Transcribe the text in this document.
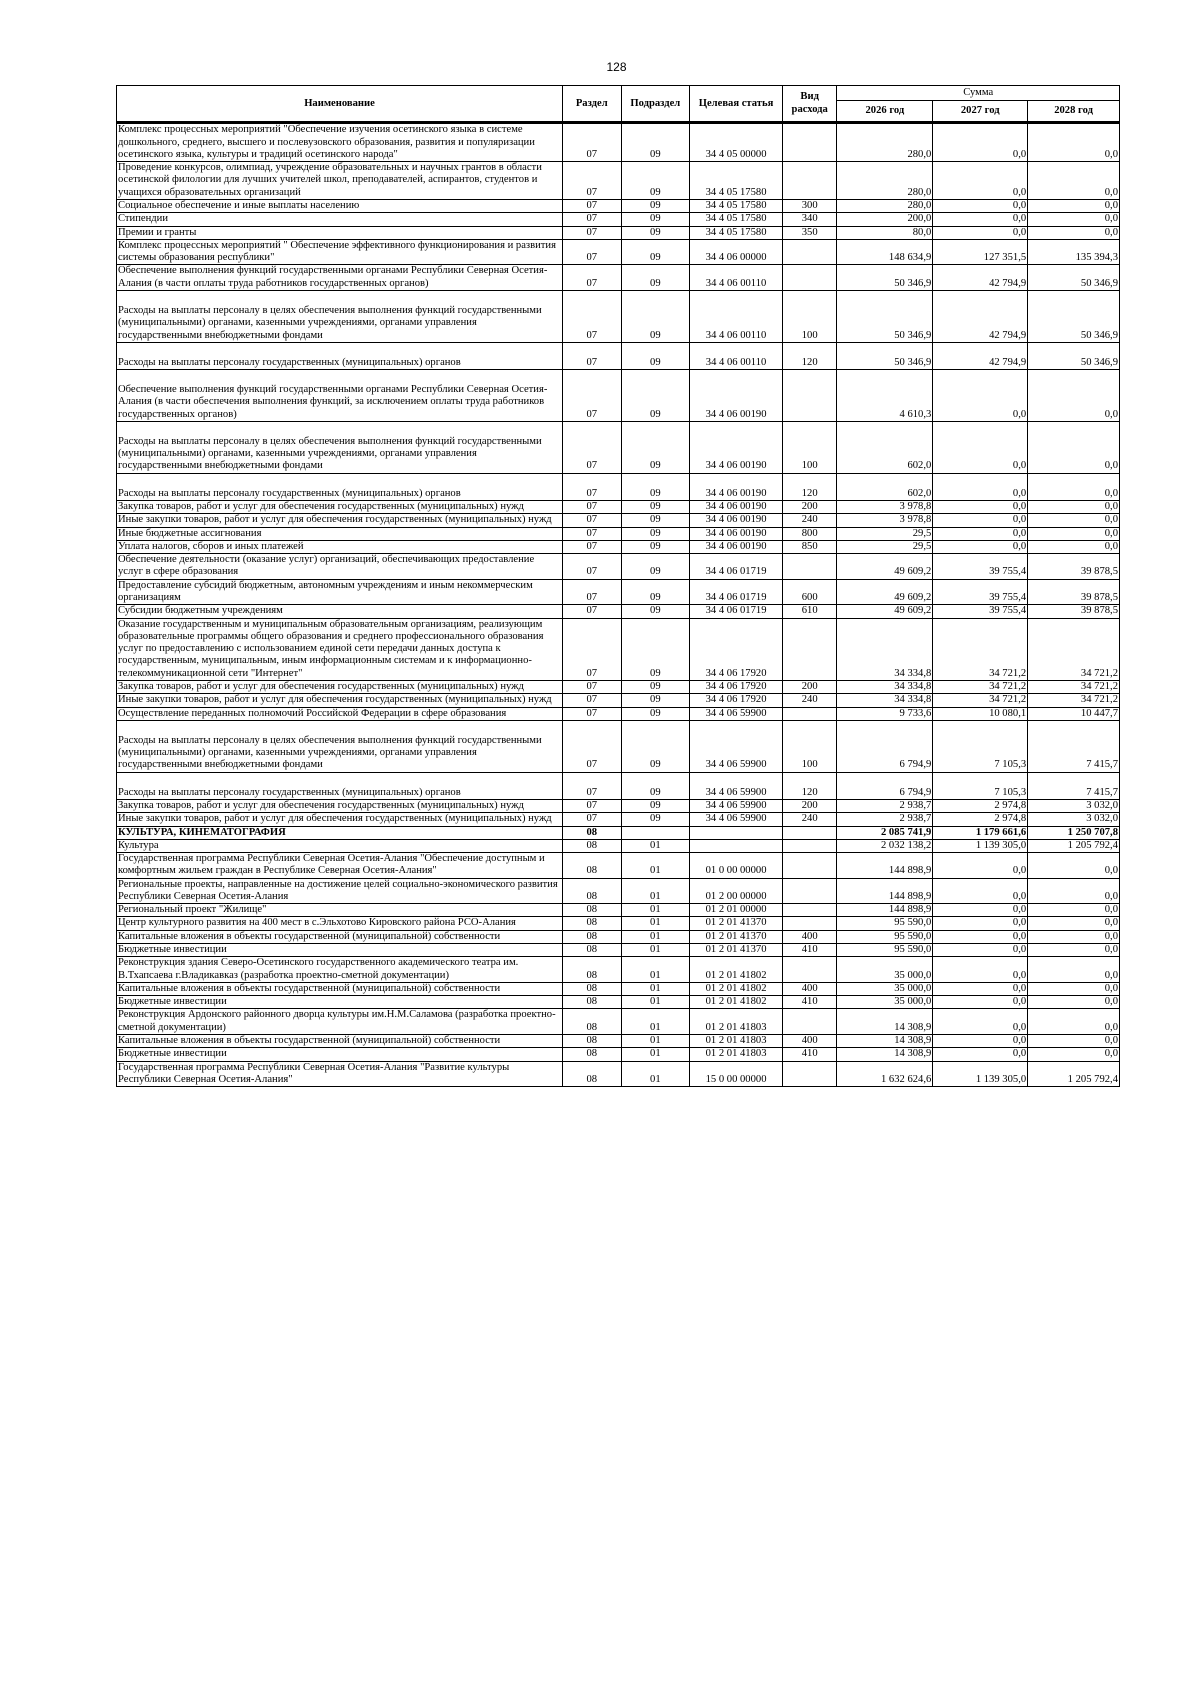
128
Наименование	Раздел	Подраздел	Целевая статья	Вид расхода	Сумма		
					2026 год	2027 год	2028 год
Комплекс процессных мероприятий "Обеспечение изучения осетинского языка в системе дошкольного, среднего, высшего и послевузовского образования, развития и популяризации осетинского языка, культуры и традиций осетинского народа"	07	09	34 4 05 00000		280,0	0,0	0,0
Проведение конкурсов, олимпиад, учреждение образовательных и научных грантов в области осетинской филологии для лучших учителей школ, преподавателей, аспирантов, студентов и учащихся образовательных организаций	07	09	34 4 05 17580		280,0	0,0	0,0
Социальное обеспечение и иные выплаты населению	07	09	34 4 05 17580	300	280,0	0,0	0,0
Стипендии	07	09	34 4 05 17580	340	200,0	0,0	0,0
Премии и гранты	07	09	34 4 05 17580	350	80,0	0,0	0,0
Комплекс процессных мероприятий " Обеспечение эффективного функционирования и развития системы образования республики"	07	09	34 4 06 00000		148 634,9	127 351,5	135 394,3
Обеспечение выполнения функций государственными органами Республики Северная Осетия-Алания (в части оплаты труда работников государственных органов)	07	09	34 4 06 00110		50 346,9	42 794,9	50 346,9
Расходы на выплаты персоналу в целях обеспечения выполнения функций государственными (муниципальными) органами, казенными учреждениями, органами управления государственными внебюджетными фондами	07	09	34 4 06 00110	100	50 346,9	42 794,9	50 346,9
Расходы на выплаты персоналу государственных (муниципальных) органов	07	09	34 4 06 00110	120	50 346,9	42 794,9	50 346,9
Обеспечение выполнения функций государственными органами Республики Северная Осетия-Алания (в части обеспечения выполнения функций, за исключением оплаты труда работников государственных органов)	07	09	34 4 06 00190		4 610,3	0,0	0,0
Расходы на выплаты персоналу в целях обеспечения выполнения функций государственными (муниципальными) органами, казенными учреждениями, органами управления государственными внебюджетными фондами	07	09	34 4 06 00190	100	602,0	0,0	0,0
Расходы на выплаты персоналу государственных (муниципальных) органов	07	09	34 4 06 00190	120	602,0	0,0	0,0
Закупка товаров, работ и услуг для обеспечения государственных (муниципальных) нужд	07	09	34 4 06 00190	200	3 978,8	0,0	0,0
Иные закупки товаров, работ и услуг для обеспечения государственных (муниципальных) нужд	07	09	34 4 06 00190	240	3 978,8	0,0	0,0
Иные бюджетные ассигнования	07	09	34 4 06 00190	800	29,5	0,0	0,0
Уплата налогов, сборов и иных платежей	07	09	34 4 06 00190	850	29,5	0,0	0,0
Обеспечение деятельности (оказание услуг) организаций, обеспечивающих предоставление услуг в сфере образования	07	09	34 4 06 01719		49 609,2	39 755,4	39 878,5
Предоставление субсидий бюджетным, автономным учреждениям и иным некоммерческим организациям	07	09	34 4 06 01719	600	49 609,2	39 755,4	39 878,5
Субсидии бюджетным учреждениям	07	09	34 4 06 01719	610	49 609,2	39 755,4	39 878,5
Оказание государственным и муниципальным образовательным организациям, реализующим образовательные программы общего образования и среднего профессионального образования услуг по предоставлению с использованием единой сети передачи данных доступа к государственным, муниципальным, иным информационным системам и к информационно-телекоммуникационной сети "Интернет"	07	09	34 4 06 17920		34 334,8	34 721,2	34 721,2
Закупка товаров, работ и услуг для обеспечения государственных (муниципальных) нужд	07	09	34 4 06 17920	200	34 334,8	34 721,2	34 721,2
Иные закупки товаров, работ и услуг для обеспечения государственных (муниципальных) нужд	07	09	34 4 06 17920	240	34 334,8	34 721,2	34 721,2
Осуществление переданных полномочий Российской Федерации в сфере образования	07	09	34 4 06 59900		9 733,6	10 080,1	10 447,7
Расходы на выплаты персоналу в целях обеспечения выполнения функций государственными (муниципальными) органами, казенными учреждениями, органами управления государственными внебюджетными фондами	07	09	34 4 06 59900	100	6 794,9	7 105,3	7 415,7
Расходы на выплаты персоналу государственных (муниципальных) органов	07	09	34 4 06 59900	120	6 794,9	7 105,3	7 415,7
Закупка товаров, работ и услуг для обеспечения государственных (муниципальных) нужд	07	09	34 4 06 59900	200	2 938,7	2 974,8	3 032,0
Иные закупки товаров, работ и услуг для обеспечения государственных (муниципальных) нужд	07	09	34 4 06 59900	240	2 938,7	2 974,8	3 032,0
КУЛЬТУРА, КИНЕМАТОГРАФИЯ	08				2 085 741,9	1 179 661,6	1 250 707,8
Культура	08	01			2 032 138,2	1 139 305,0	1 205 792,4
Государственная программа Республики Северная Осетия-Алания "Обеспечение доступным и комфортным жильем граждан в Республике Северная Осетия-Алания"	08	01	01 0 00 00000		144 898,9	0,0	0,0
Региональные проекты, направленные на достижение целей социально-экономического развития Республики Северная Осетия-Алания	08	01	01 2 00 00000		144 898,9	0,0	0,0
Региональный проект "Жилище"	08	01	01 2 01 00000		144 898,9	0,0	0,0
Центр культурного развития на 400 мест в с.Эльхотово Кировского района РСО-Алания	08	01	01 2 01 41370		95 590,0	0,0	0,0
Капитальные вложения в объекты государственной (муниципальной) собственности	08	01	01 2 01 41370	400	95 590,0	0,0	0,0
Бюджетные инвестиции	08	01	01 2 01 41370	410	95 590,0	0,0	0,0
Реконструкция здания Северо-Осетинского государственного академического театра им. В.Тхапсаева г.Владикавказ (разработка проектно-сметной документации)	08	01	01 2 01 41802		35 000,0	0,0	0,0
Капитальные вложения в объекты государственной (муниципальной) собственности	08	01	01 2 01 41802	400	35 000,0	0,0	0,0
Бюджетные инвестиции	08	01	01 2 01 41802	410	35 000,0	0,0	0,0
Реконструкция Ардонского районного дворца культуры им.Н.М.Саламова (разработка проектно-сметной документации)	08	01	01 2 01 41803		14 308,9	0,0	0,0
Капитальные вложения в объекты государственной (муниципальной) собственности	08	01	01 2 01 41803	400	14 308,9	0,0	0,0
Бюджетные инвестиции	08	01	01 2 01 41803	410	14 308,9	0,0	0,0
Государственная программа Республики Северная Осетия-Алания "Развитие культуры Республики Северная Осетия-Алания"	08	01	15 0 00 00000		1 632 624,6	1 139 305,0	1 205 792,4
